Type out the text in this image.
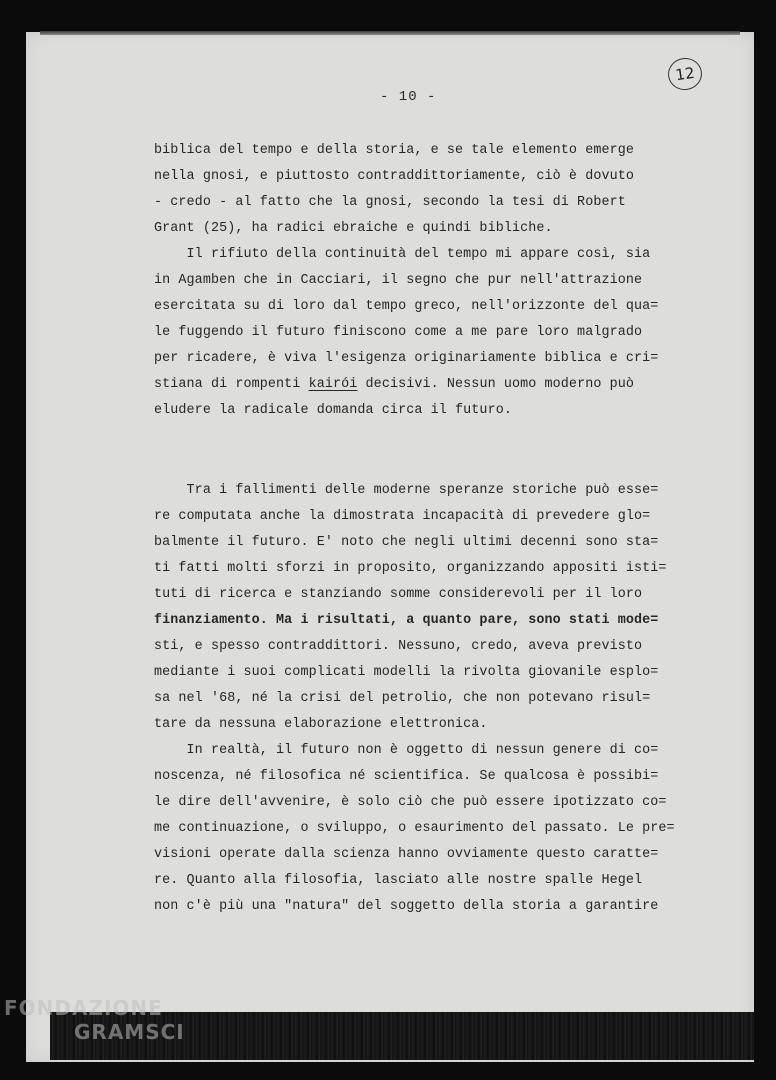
- 10 -
12
biblica del tempo e della storia, e se tale elemento emerge
nella gnosi, e piuttosto contraddittoriamente, ciò è dovuto
- credo - al fatto che la gnosi, secondo la tesi di Robert
Grant (25), ha radici ebraiche e quindi bibliche.
Il rifiuto della continuità del tempo mi appare così, sia
in Agamben che in Cacciari, il segno che pur nell'attrazione
esercitata su di loro dal tempo greco, nell'orizzonte del qua=
le fuggendo il futuro finiscono come a me pare loro malgrado
per ricadere, è viva l'esigenza originariamente biblica e cri=
stiana di rompenti kairói decisivi. Nessun uomo moderno può
eludere la radicale domanda circa il futuro.
Tra i fallimenti delle moderne speranze storiche può esse=
re computata anche la dimostrata incapacità di prevedere glo=
balmente il futuro. E' noto che negli ultimi decenni sono sta=
ti fatti molti sforzi in proposito, organizzando appositi isti=
tuti di ricerca e stanziando somme considerevoli per il loro
finanziamento. Ma i risultati, a quanto pare, sono stati mode=
sti, e spesso contraddittori. Nessuno, credo, aveva previsto
mediante i suoi complicati modelli la rivolta giovanile esplo=
sa nel '68, né la crisi del petrolio, che non potevano risul=
tare da nessuna elaborazione elettronica.
In realtà, il futuro non è oggetto di nessun genere di co=
noscenza, né filosofica né scientifica. Se qualcosa è possibi=
le dire dell'avvenire, è solo ciò che può essere ipotizzato co=
me continuazione, o sviluppo, o esaurimento del passato. Le pre=
visioni operate dalla scienza hanno ovviamente questo caratte=
re. Quanto alla filosofia, lasciato alle nostre spalle Hegel
non c'è più una "natura" del soggetto della storia a garantire
FONDAZIONE
GRAMSCI
